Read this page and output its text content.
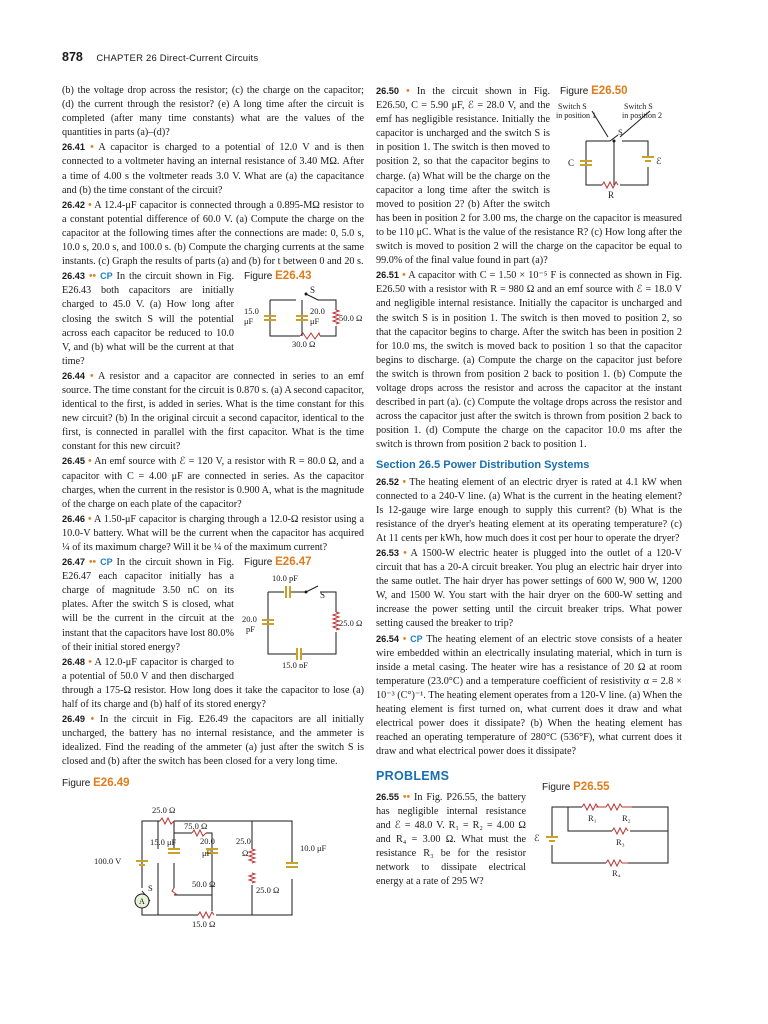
878 CHAPTER 26 Direct-Current Circuits

(b) the voltage drop across the resistor; (c) the charge on the capacitor; (d) the current through the resistor? (e) A long time after the circuit is completed (after many time constants) what are the values of the quantities in parts (a)–(d)?

26.41 • A capacitor is charged to a potential of 12.0 V and is then connected to a voltmeter having an internal resistance of 3.40 MΩ. After a time of 4.00 s the voltmeter reads 3.0 V. What are (a) the capacitance and (b) the time constant of the circuit?

26.42 • A 12.4-μF capacitor is connected through a 0.895-MΩ resistor to a constant potential difference of 60.0 V. (a) Compute the charge on the capacitor at the following times after the connections are made: 0, 5.0 s, 10.0 s, 20.0 s, and 100.0 s. (b) Compute the charging currents at the same instants. (c) Graph the results of parts (a) and (b) for t between 0 and 20 s.

Figure E26.43
S
15.0
μF
20.0
μF 50.0 Ω
30.0 Ω
26.43 •• CP In the circuit shown in Fig. E26.43 both capacitors are initially charged to 45.0 V. (a) How long after closing the switch S will the potential across each capacitor be reduced to 10.0 V, and (b) what will be the current at that time?

26.44 • A resistor and a capacitor are connected in series to an emf source. The time constant for the circuit is 0.870 s. (a) A second capacitor, identical to the first, is added in series. What is the time constant for this new circuit? (b) In the original circuit a second capacitor, identical to the first, is connected in parallel with the first capacitor. What is the time constant for this new circuit?

26.45 • An emf source with ℰ = 120 V, a resistor with R = 80.0 Ω, and a capacitor with C = 4.00 μF are connected in series. As the capacitor charges, when the current in the resistor is 0.900 A, what is the magnitude of the charge on each plate of the capacitor?

26.46 • A 1.50-μF capacitor is charging through a 12.0-Ω resistor using a 10.0-V battery. What will be the current when the capacitor has acquired ¼ of its maximum charge? Will it be ¼ of the maximum current?

Figure E26.47
S
10.0 pF
20.0
pF
25.0 Ω
15.0 pF
26.47 •• CP In the circuit shown in Fig. E26.47 each capacitor initially has a charge of magnitude 3.50 nC on its plates. After the switch S is closed, what will be the current in the circuit at the instant that the capacitors have lost 80.0% of their initial stored energy?

26.48 • A 12.0-μF capacitor is charged to a potential of 50.0 V and then discharged through a 175-Ω resistor. How long does it take the capacitor to lose (a) half of its charge and (b) half of its stored energy?

26.49 • In the circuit in Fig. E26.49 the capacitors are all initially uncharged, the battery has no internal resistance, and the ammeter is idealized. Find the reading of the ammeter (a) just after the switch S is closed and (b) after the switch has been closed for a very long time.

Figure E26.49
A
25.0 Ω
75.0 Ω
15.0 μF	20.0
μF
25.0
Ω	10.0 μF
100.0 V
S	50.0 Ω
25.0 Ω
15.0 Ω

Figure E26.50
Switch S
in position 1
Switch S
in position 2
S
C	ℰ
R
26.50 • In the circuit shown in Fig. E26.50, C = 5.90 μF, ℰ = 28.0 V, and the emf has negligible resistance. Initially the capacitor is uncharged and the switch S is in position 1. The switch is then moved to position 2, so that the capacitor begins to charge. (a) What will be the charge on the capacitor a long time after the switch is moved to position 2? (b) After the switch has been in position 2 for 3.00 ms, the charge on the capacitor is measured to be 110 μC. What is the value of the resistance R? (c) How long after the switch is moved to position 2 will the charge on the capacitor be equal to 99.0% of the final value found in part (a)?

26.51 • A capacitor with C = 1.50 × 10⁻⁵ F is connected as shown in Fig. E26.50 with a resistor with R = 980 Ω and an emf source with ℰ = 18.0 V and negligible internal resistance. Initially the capacitor is uncharged and the switch S is in position 1. The switch is then moved to position 2, so that the capacitor begins to charge. After the switch has been in position 2 for 10.0 ms, the switch is moved back to position 1 so that the capacitor begins to discharge. (a) Compute the charge on the capacitor just before the switch is thrown from position 2 back to position 1. (b) Compute the voltage drops across the resistor and across the capacitor at the instant described in part (a). (c) Compute the voltage drops across the resistor and across the capacitor just after the switch is thrown from position 2 back to position 1. (d) Compute the charge on the capacitor 10.0 ms after the switch is thrown from position 2 back to position 1.

Section 26.5 Power Distribution Systems

26.52 • The heating element of an electric dryer is rated at 4.1 kW when connected to a 240-V line. (a) What is the current in the heating element? Is 12-gauge wire large enough to supply this current? (b) What is the resistance of the dryer's heating element at its operating temperature? (c) At 11 cents per kWh, how much does it cost per hour to operate the dryer?

26.53 • A 1500-W electric heater is plugged into the outlet of a 120-V circuit that has a 20-A circuit breaker. You plug an electric hair dryer into the same outlet. The hair dryer has power settings of 600 W, 900 W, 1200 W, and 1500 W. You start with the hair dryer on the 600-W setting and increase the power setting until the circuit breaker trips. What power setting caused the breaker to trip?

26.54 • CP The heating element of an electric stove consists of a heater wire embedded within an electrically insulating material, which in turn is inside a metal casing. The heater wire has a resistance of 20 Ω at room temperature (23.0°C) and a temperature coefficient of resistivity α = 2.8 × 10⁻³ (C°)⁻¹. The heating element operates from a 120-V line. (a) When the heating element is first turned on, what current does it draw and what electrical power does it dissipate? (b) When the heating element has reached an operating temperature of 280°C (536°F), what current does it draw and what electrical power does it dissipate?

PROBLEMS

Figure P26.55
R₁	R₂
R₃
R₄
ℰ
26.55 •• In Fig. P26.55, the battery has negligible internal resistance and ℰ = 48.0 V. R₁ = R₂ = 4.00 Ω and R₄ = 3.00 Ω. What must the resistance R₃ be for the resistor network to dissipate electrical energy at a rate of 295 W?
